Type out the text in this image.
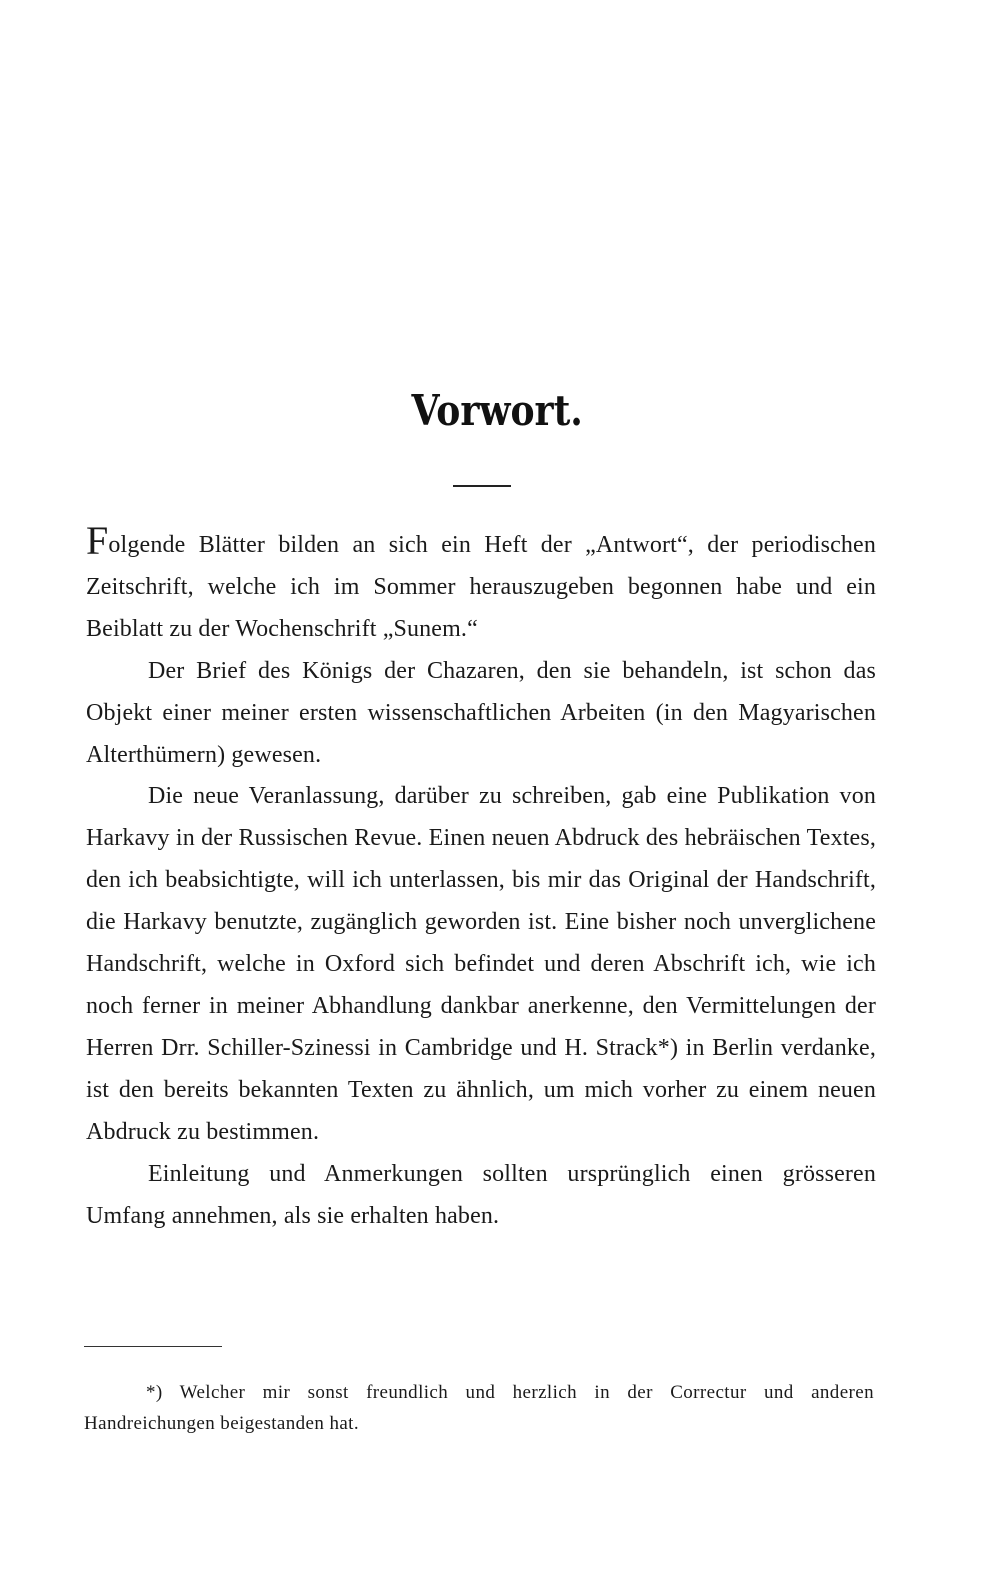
Vorwort.

Folgende Blätter bilden an sich ein Heft der „Antwort“, der periodischen Zeitschrift, welche ich im Sommer herauszugeben begonnen habe und ein Beiblatt zu der Wochenschrift „Sunem.“

Der Brief des Königs der Chazaren, den sie behandeln, ist schon das Objekt einer meiner ersten wissenschaftlichen Arbeiten (in den Magyarischen Alterthümern) gewesen.

Die neue Veranlassung, darüber zu schreiben, gab eine Publikation von Harkavy in der Russischen Revue. Einen neuen Abdruck des hebräischen Textes, den ich beabsichtigte, will ich unterlassen, bis mir das Original der Handschrift, die Harkavy benutzte, zugänglich geworden ist. Eine bisher noch unverglichene Handschrift, welche in Oxford sich befindet und deren Abschrift ich, wie ich noch ferner in meiner Abhandlung dankbar anerkenne, den Vermittelungen der Herren Drr. Schiller-Szinessi in Cambridge und H. Strack*) in Berlin verdanke, ist den bereits bekannten Texten zu ähnlich, um mich vorher zu einem neuen Abdruck zu bestimmen.

Einleitung und Anmerkungen sollten ursprünglich einen grösseren Umfang annehmen, als sie erhalten haben.

*) Welcher mir sonst freundlich und herzlich in der Correctur und anderen Handreichungen beigestanden hat.
